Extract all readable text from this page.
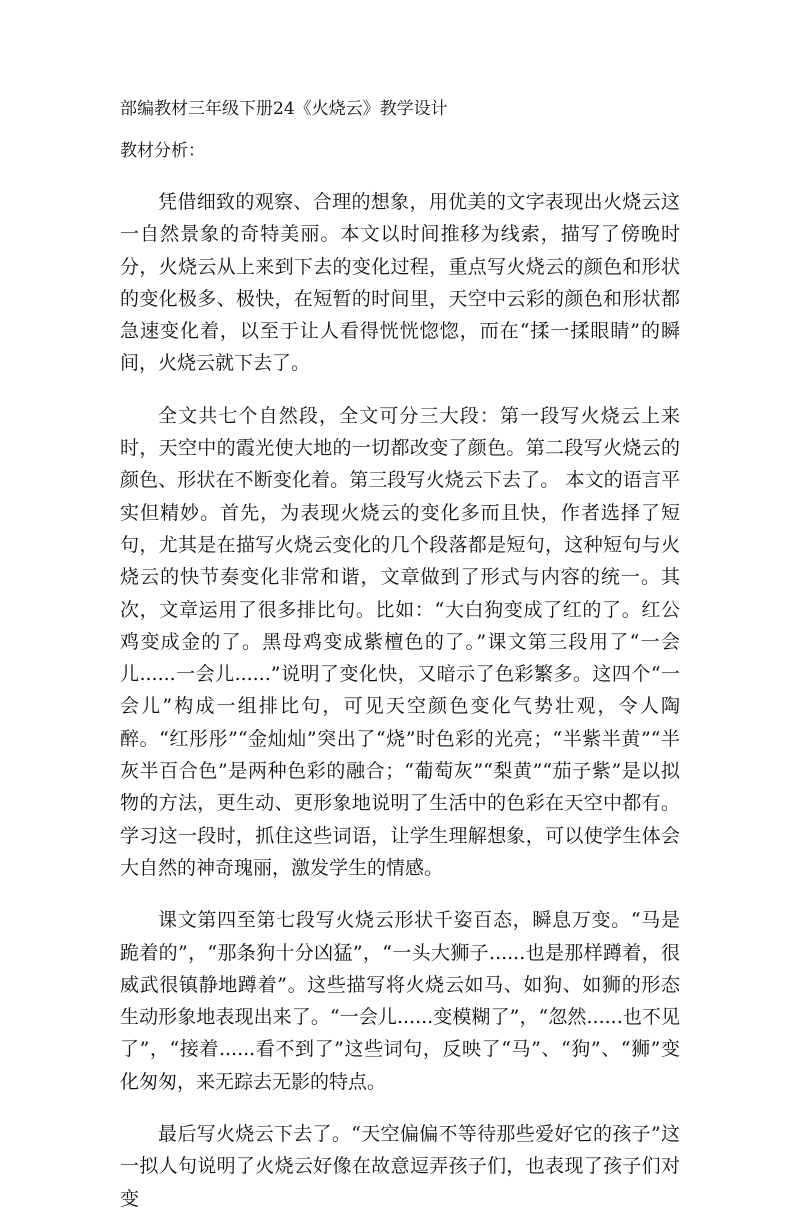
部编教材三年级下册24《火烧云》教学设计

教材分析：

凭借细致的观察、合理的想象，用优美的文字表现出火烧云这一自然景象的奇特美丽。本文以时间推移为线索，描写了傍晚时分，火烧云从上来到下去的变化过程，重点写火烧云的颜色和形状的变化极多、极快，在短暂的时间里，天空中云彩的颜色和形状都急速变化着，以至于让人看得恍恍惚惚，而在“揉一揉眼睛”的瞬间，火烧云就下去了。

全文共七个自然段，全文可分三大段：第一段写火烧云上来时，天空中的霞光使大地的一切都改变了颜色。第二段写火烧云的颜色、形状在不断变化着。第三段写火烧云下去了。 本文的语言平实但精妙。首先，为表现火烧云的变化多而且快，作者选择了短句，尤其是在描写火烧云变化的几个段落都是短句，这种短句与火烧云的快节奏变化非常和谐，文章做到了形式与内容的统一。其次，文章运用了很多排比句。比如：“大白狗变成了红的了。红公鸡变成金的了。黑母鸡变成紫檀色的了。”课文第三段用了“一会儿......一会儿......”说明了变化快，又暗示了色彩繁多。这四个“一会儿”构成一组排比句，可见天空颜色变化气势壮观，令人陶醉。“红彤彤”“金灿灿”突出了“烧”时色彩的光亮；“半紫半黄”“半灰半百合色”是两种色彩的融合；“葡萄灰”“梨黄”“茄子紫”是以拟物的方法，更生动、更形象地说明了生活中的色彩在天空中都有。学习这一段时，抓住这些词语，让学生理解想象，可以使学生体会大自然的神奇瑰丽，激发学生的情感。

课文第四至第七段写火烧云形状千姿百态，瞬息万变。“马是跪着的”，“那条狗十分凶猛”，“一头大狮子......也是那样蹲着，很威武很镇静地蹲着”。这些描写将火烧云如马、如狗、如狮的形态生动形象地表现出来了。“一会儿......变模糊了”，“忽然......也不见了”，“接着......看不到了”这些词句，反映了“马”、“狗”、“狮”变化匆匆，来无踪去无影的特点。

最后写火烧云下去了。“天空偏偏不等待那些爱好它的孩子”这一拟人句说明了火烧云好像在故意逗弄孩子们，也表现了孩子们对变
